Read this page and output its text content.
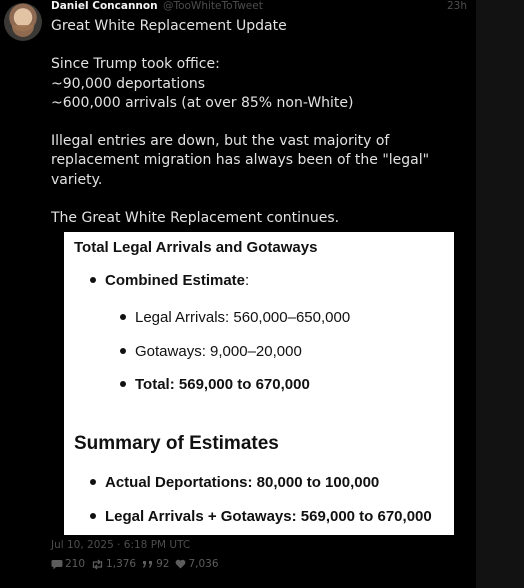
Daniel Concannon @TooWhiteToTweet	23h
Great White Replacement Update
Since Trump took office:
~90,000 deportations
~600,000 arrivals (at over 85% non-White)
Illegal entries are down, but the vast majority of
replacement migration has always been of the "legal"
variety.
The Great White Replacement continues.
Total Legal Arrivals and Gotaways
Combined Estimate:
Legal Arrivals: 560,000–650,000
Gotaways: 9,000–20,000
Total: 569,000 to 670,000
Summary of Estimates
Actual Deportations: 80,000 to 100,000
Legal Arrivals + Gotaways: 569,000 to 670,000
Jul 10, 2025 · 6:18 PM UTC
210 1,376 92 7,036
